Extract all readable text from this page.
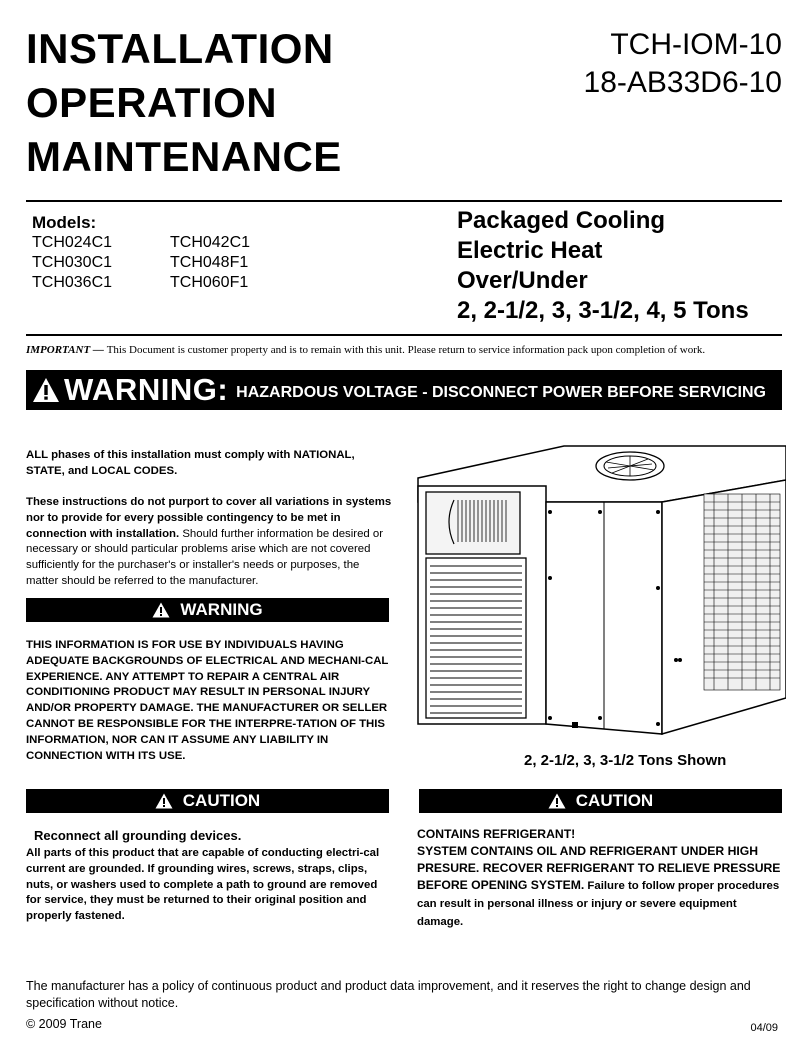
INSTALLATION
OPERATION
MAINTENANCE
TCH-IOM-10
18-AB33D6-10
Models:
TCH024C1	TCH042C1
TCH030C1	TCH048F1
TCH036C1	TCH060F1
Packaged Cooling
Electric Heat
Over/Under
2, 2-1/2, 3, 3-1/2, 4, 5 Tons
IMPORTANT — This Document is customer property and is to remain with this unit. Please return to service information pack upon completion of work.
WARNING: HAZARDOUS VOLTAGE - DISCONNECT POWER BEFORE SERVICING
ALL phases of this installation must comply with NATIONAL, STATE, and LOCAL CODES.
These instructions do not purport to cover all variations in systems nor to provide for every possible contingency to be met in connection with installation. Should further information be desired or necessary or should particular problems arise which are not covered sufficiently for the purchaser's or installer's needs or purposes, the matter should be referred to the manufacturer.
WARNING
THIS INFORMATION IS FOR USE BY INDIVIDUALS HAVING ADEQUATE BACKGROUNDS OF ELECTRICAL AND MECHANI-CAL EXPERIENCE. ANY ATTEMPT TO REPAIR A CENTRAL AIR CONDITIONING PRODUCT MAY RESULT IN PERSONAL INJURY AND/OR PROPERTY DAMAGE. THE MANUFACTURER OR SELLER CANNOT BE RESPONSIBLE FOR THE INTERPRE-TATION OF THIS INFORMATION, NOR CAN IT ASSUME ANY LIABILITY IN CONNECTION WITH ITS USE.	2, 2-1/2, 3, 3-1/2 Tons Shown
CAUTION
Reconnect all grounding devices.
All parts of this product that are capable of conducting electri-cal current are grounded. If grounding wires, screws, straps, clips, nuts, or washers used to complete a path to ground are removed for service, they must be returned to their original position and properly fastened.
CAUTION
CONTAINS REFRIGERANT!
SYSTEM CONTAINS OIL AND REFRIGERANT UNDER HIGH PRESURE. RECOVER REFRIGERANT TO RELIEVE PRESSURE BEFORE OPENING SYSTEM. Failure to follow proper procedures can result in personal illness or injury or severe equipment damage.
The manufacturer has a policy of continuous product and product data improvement, and it reserves the right to change design and specification without notice.
© 2009 Trane	04/09
